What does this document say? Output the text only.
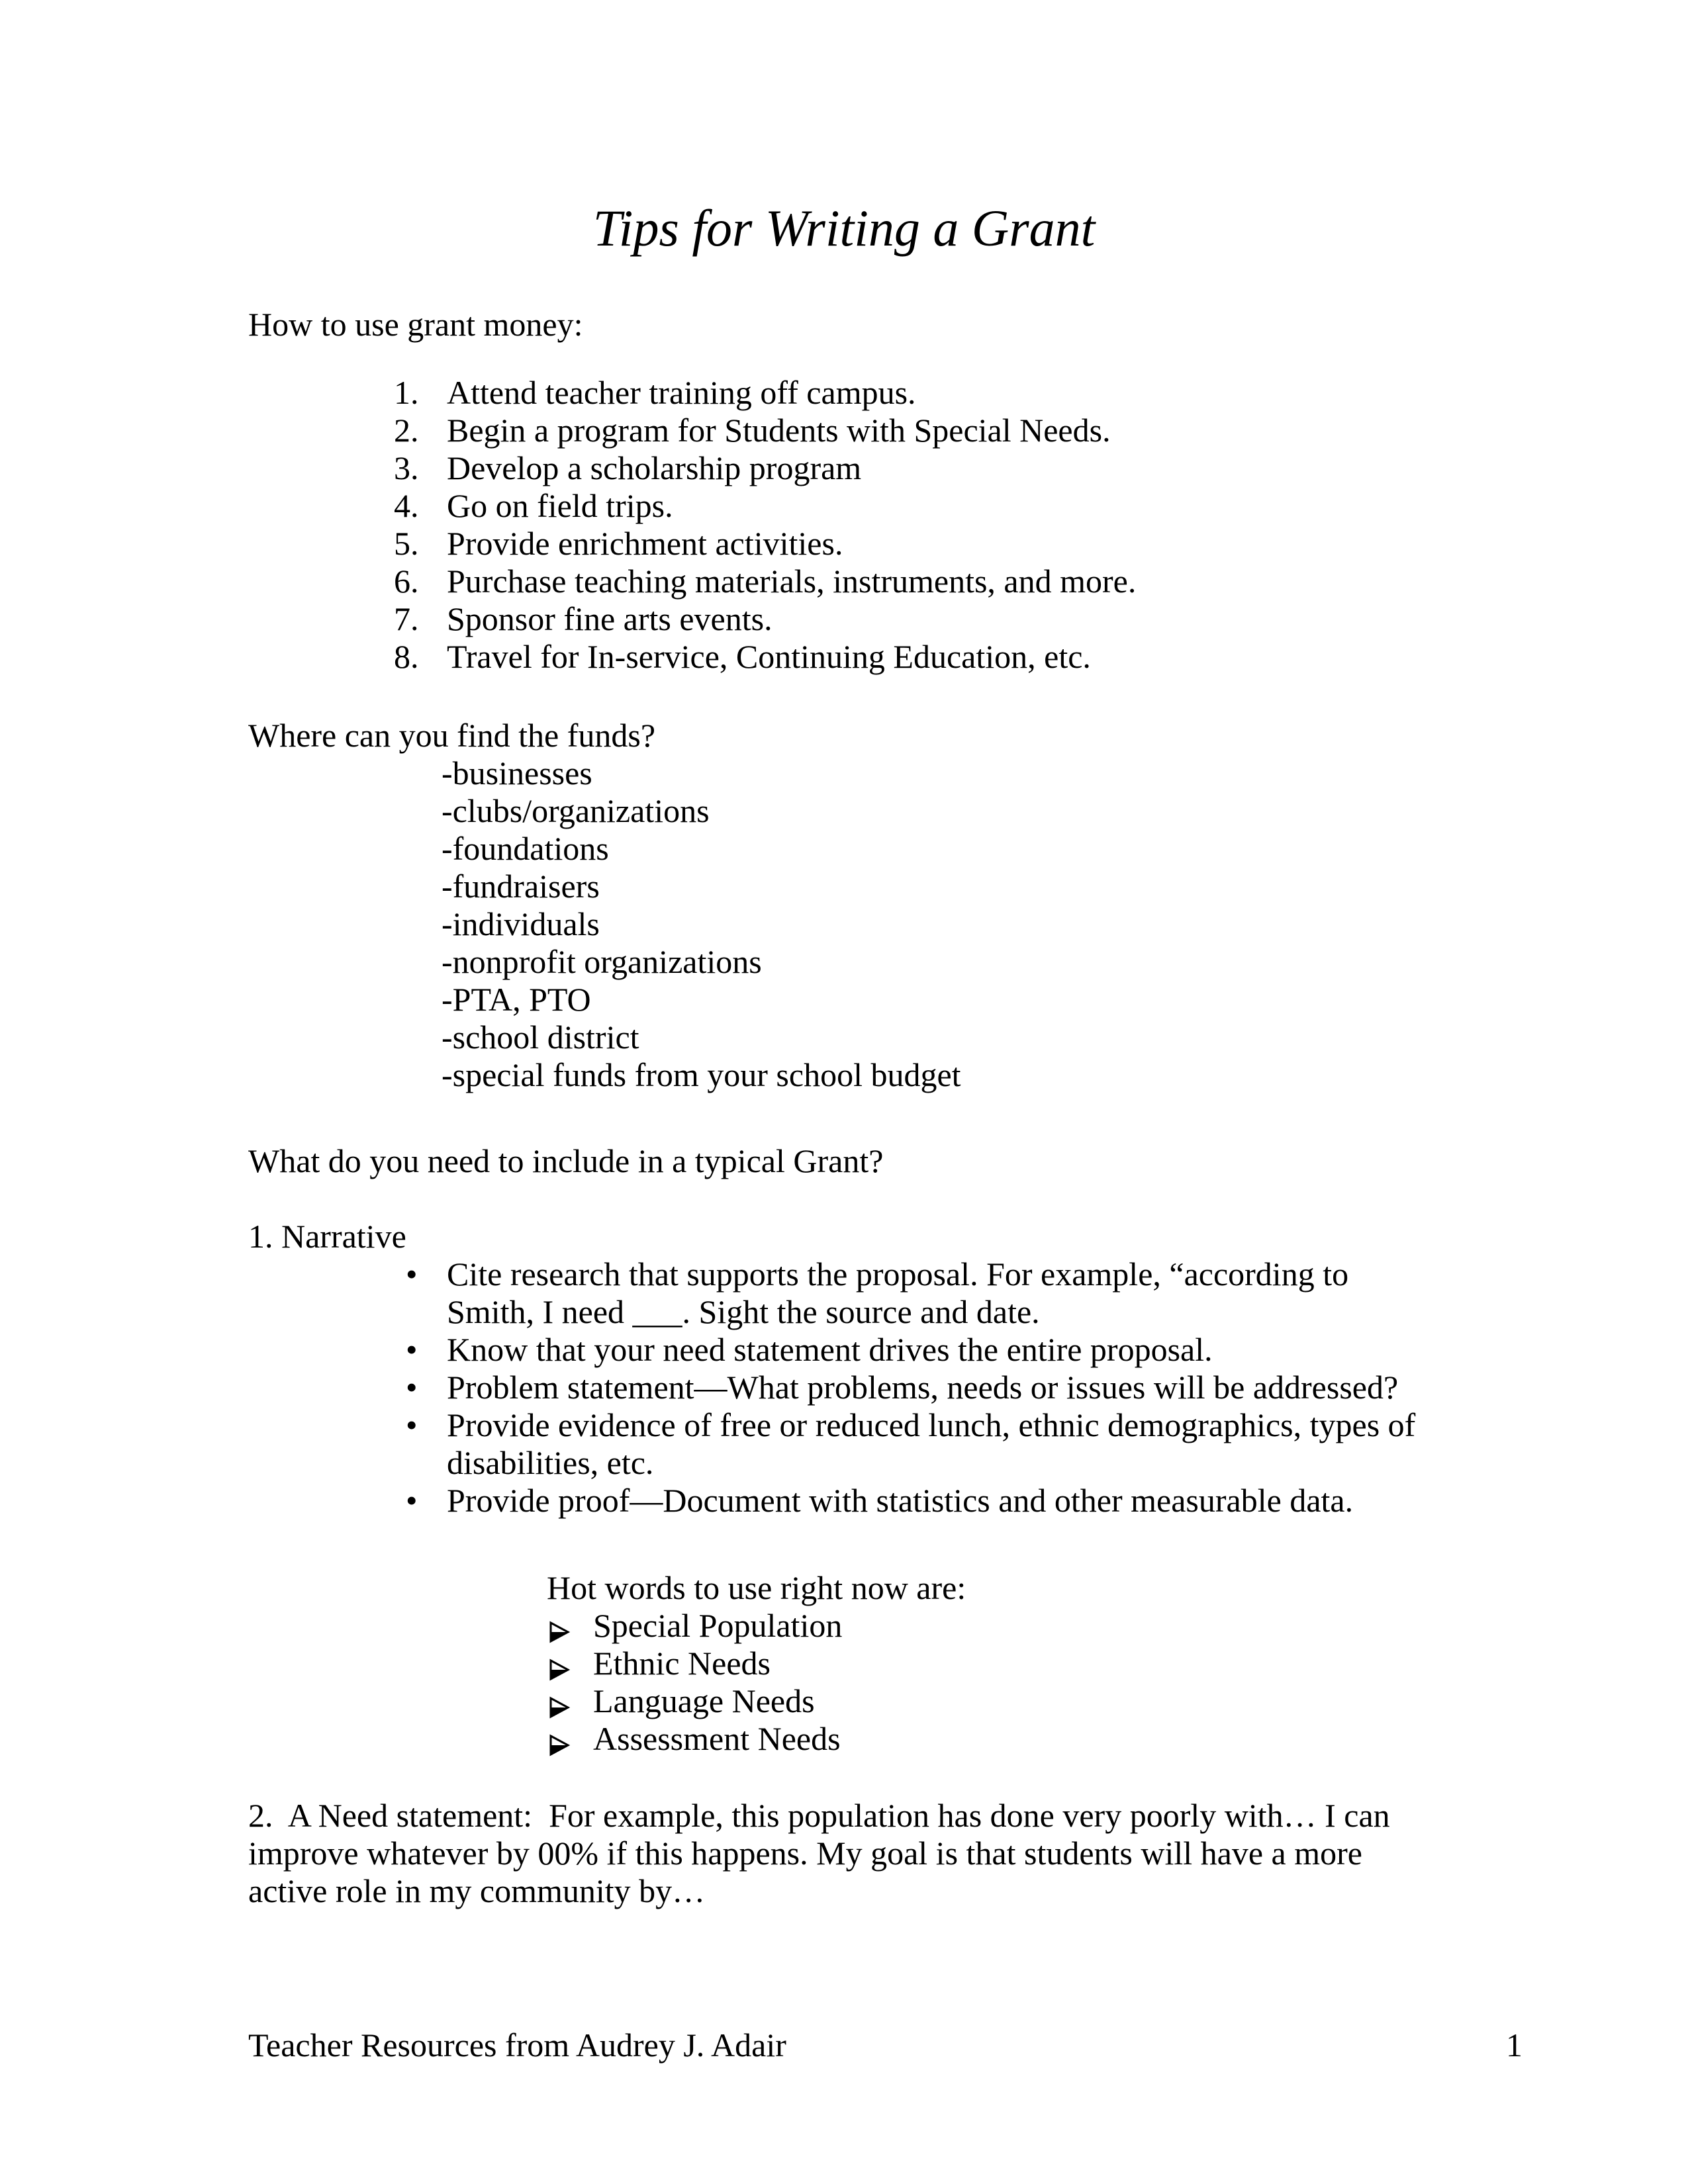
Tips for Writing a Grant
How to use grant money:
1. Attend teacher training off campus.
2. Begin a program for Students with Special Needs.
3. Develop a scholarship program
4. Go on field trips.
5. Provide enrichment activities.
6. Purchase teaching materials, instruments, and more.
7. Sponsor fine arts events.
8. Travel for In-service, Continuing Education, etc.
Where can you find the funds?
-businesses
-clubs/organizations
-foundations
-fundraisers
-individuals
-nonprofit organizations
-PTA, PTO
-school district
-special funds from your school budget
What do you need to include in a typical Grant?
1. Narrative
• Cite research that supports the proposal. For example, “according to
Smith, I need ___. Sight the source and date.
• Know that your need statement drives the entire proposal.
• Problem statement—What problems, needs or issues will be addressed?
• Provide evidence of free or reduced lunch, ethnic demographics, types of
disabilities, etc.
• Provide proof—Document with statistics and other measurable data.
Hot words to use right now are:
Special Population
Ethnic Needs
Language Needs
Assessment Needs
2.  A Need statement:  For example, this population has done very poorly with… I can
improve whatever by 00% if this happens. My goal is that students will have a more
active role in my community by…
Teacher Resources from Audrey J. Adair	1
